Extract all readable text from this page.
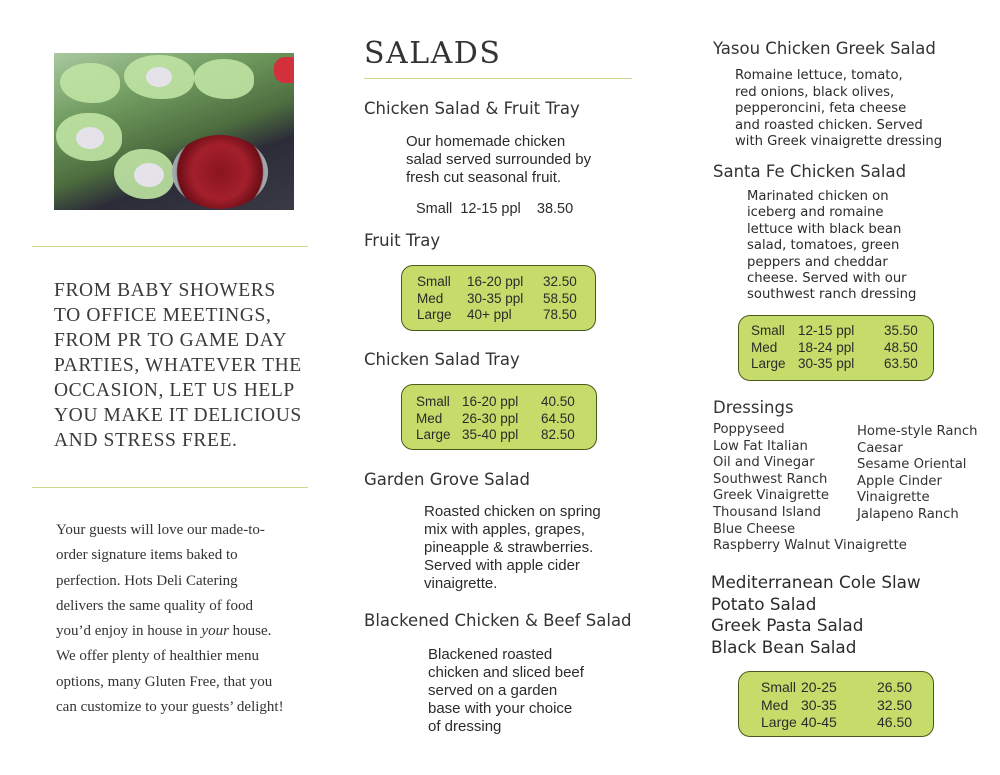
FROM BABY SHOWERS TO OFFICE MEETINGS, FROM PR TO GAME DAY PARTIES, WHATEVER THE OCCASION, LET US HELP YOU MAKE IT DELICIOUS AND STRESS FREE.

Your guests will love our made-to-

order signature items baked to

perfection. Hots Deli Catering

delivers the same quality of food

you’d enjoy in house in your house.

We offer plenty of healthier menu

options, many Gluten Free, that you

can customize to your guests’ delight!

SALADS
Chicken Salad & Fruit Tray
Our homemade chicken
salad served surrounded by
fresh cut seasonal fruit.
Small  12-15 ppl    38.50
Fruit Tray
Small	16-20 ppl	32.50
Med	30-35 ppl	58.50
Large	40+ ppl	78.50
Chicken Salad Tray
Small	16-20 ppl	40.50
Med	26-30 ppl	64.50
Large	35-40 ppl	82.50
Garden Grove Salad
Roasted chicken on spring
mix with apples, grapes,
pineapple & strawberries.
Served with apple cider
vinaigrette.
Blackened Chicken & Beef Salad
Blackened roasted
chicken and sliced beef
served on a garden
base with your choice
of dressing
Yasou Chicken Greek Salad
Romaine lettuce, tomato,
red onions, black olives,
pepperoncini, feta cheese
and roasted chicken. Served
with Greek vinaigrette dressing
Santa Fe Chicken Salad
Marinated chicken on
iceberg and romaine
lettuce with black bean
salad, tomatoes, green
peppers and cheddar
cheese. Served with our
southwest ranch dressing
Small	12-15 ppl	35.50
Med	18-24 ppl	48.50
Large	30-35 ppl	63.50
Dressings
Poppyseed
Low Fat Italian
Oil and Vinegar
Southwest Ranch
Greek Vinaigrette
Thousand Island
Blue Cheese
Raspberry Walnut Vinaigrette
Home-style Ranch
Caesar
Sesame Oriental
Apple Cinder
Vinaigrette
Jalapeno Ranch
Mediterranean Cole Slaw
Potato Salad
Greek Pasta Salad
Black Bean Salad
Small	20-25	26.50
Med	30-35	32.50
Large	40-45	46.50
